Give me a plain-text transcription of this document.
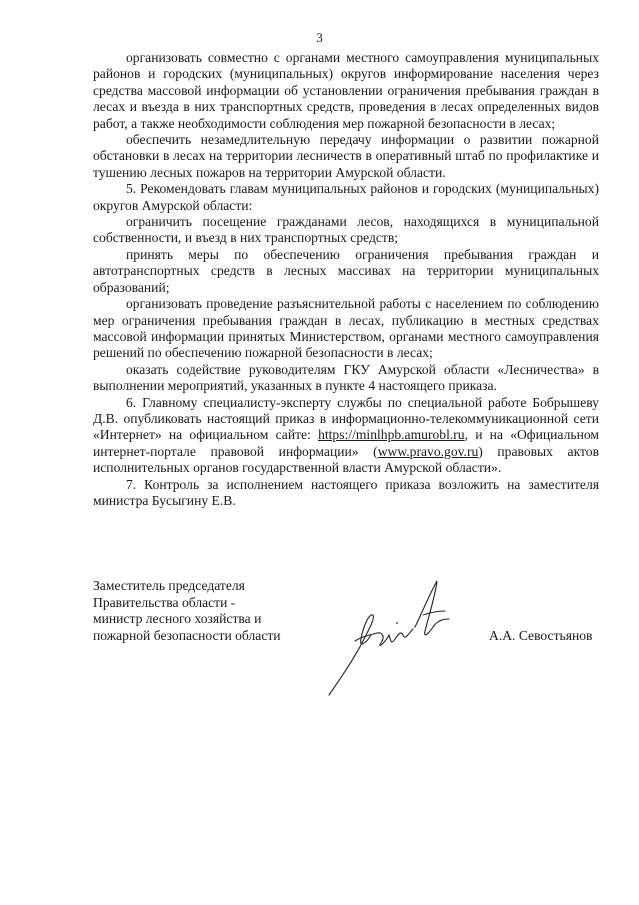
3

организовать совместно с органами местного самоуправления муниципальных районов и городских (муниципальных) округов информирование населения через средства массовой информации об установлении ограничения пребывания граждан в лесах и въезда в них транспортных средств, проведения в лесах определенных видов работ, а также необходимости соблюдения мер пожарной безопасности в лесах;

обеспечить незамедлительную передачу информации о развитии пожарной обстановки в лесах на территории лесничеств в оперативный штаб по профилактике и тушению лесных пожаров на территории Амурской области.

5. Рекомендовать главам муниципальных районов и городских (муниципальных) округов Амурской области:

ограничить посещение гражданами лесов, находящихся в муниципальной собственности, и въезд в них транспортных средств;

принять меры по обеспечению ограничения пребывания граждан и автотранспортных средств в лесных массивах на территории муниципальных образований;

организовать проведение разъяснительной работы с населением по соблюдению мер ограничения пребывания граждан в лесах, публикацию в местных средствах массовой информации принятых Министерством, органами местного самоуправления решений по обеспечению пожарной безопасности в лесах;

оказать содействие руководителям ГКУ Амурской области «Лесничества» в выполнении мероприятий, указанных в пункте 4 настоящего приказа.

6. Главному специалисту-эксперту службы по специальной работе Бобрышеву Д.В. опубликовать настоящий приказ в информационно-телекоммуникационной сети «Интернет» на официальном сайте: https://minlhpb.amurobl.ru, и на «Официальном интернет-портале правовой информации» (www.pravo.gov.ru) правовых актов исполнительных органов государственной власти Амурской области».

7. Контроль за исполнением настоящего приказа возложить на заместителя министра Бусыгину Е.В.

Заместитель председателя
Правительства области -
министр лесного хозяйства и
пожарной безопасности области	А.А. Севостьянов
